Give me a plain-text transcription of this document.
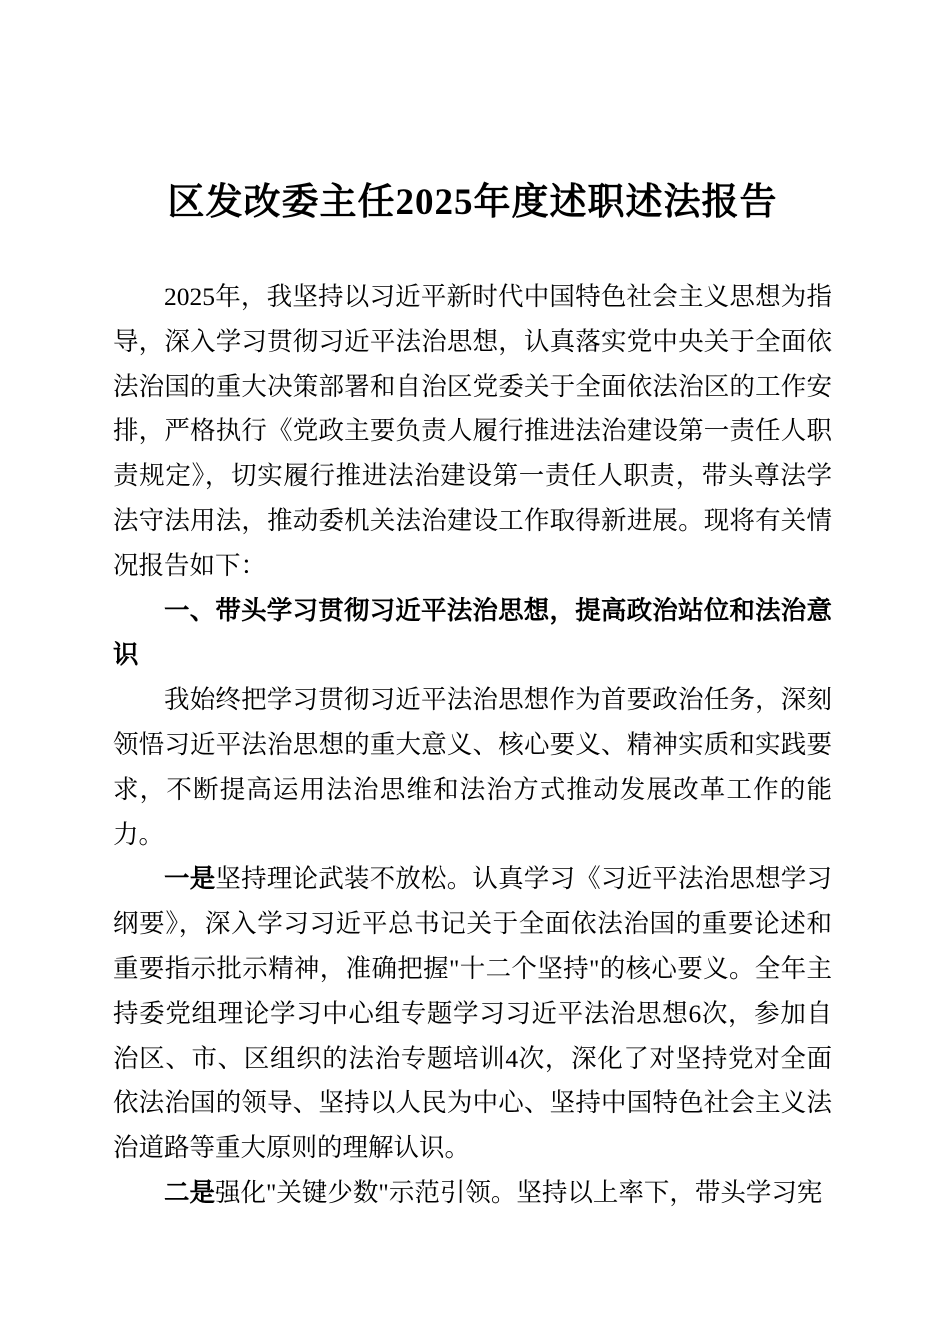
区发改委主任2025年度述职述法报告

2025年，我坚持以习近平新时代中国特色社会主义思想为指导，深入学习贯彻习近平法治思想，认真落实党中央关于全面依法治国的重大决策部署和自治区党委关于全面依法治区的工作安排，严格执行《党政主要负责人履行推进法治建设第一责任人职责规定》，切实履行推进法治建设第一责任人职责，带头尊法学法守法用法，推动委机关法治建设工作取得新进展。现将有关情况报告如下：

一、带头学习贯彻习近平法治思想，提高政治站位和法治意识

我始终把学习贯彻习近平法治思想作为首要政治任务，深刻领悟习近平法治思想的重大意义、核心要义、精神实质和实践要求，不断提高运用法治思维和法治方式推动发展改革工作的能力。

一是坚持理论武装不放松。认真学习《习近平法治思想学习纲要》，深入学习习近平总书记关于全面依法治国的重要论述和重要指示批示精神，准确把握"十二个坚持"的核心要义。全年主持委党组理论学习中心组专题学习习近平法治思想6次，参加自治区、市、区组织的法治专题培训4次，深化了对坚持党对全面依法治国的领导、坚持以人民为中心、坚持中国特色社会主义法治道路等重大原则的理解认识。

二是强化"关键少数"示范引领。坚持以上率下，带头学习宪
